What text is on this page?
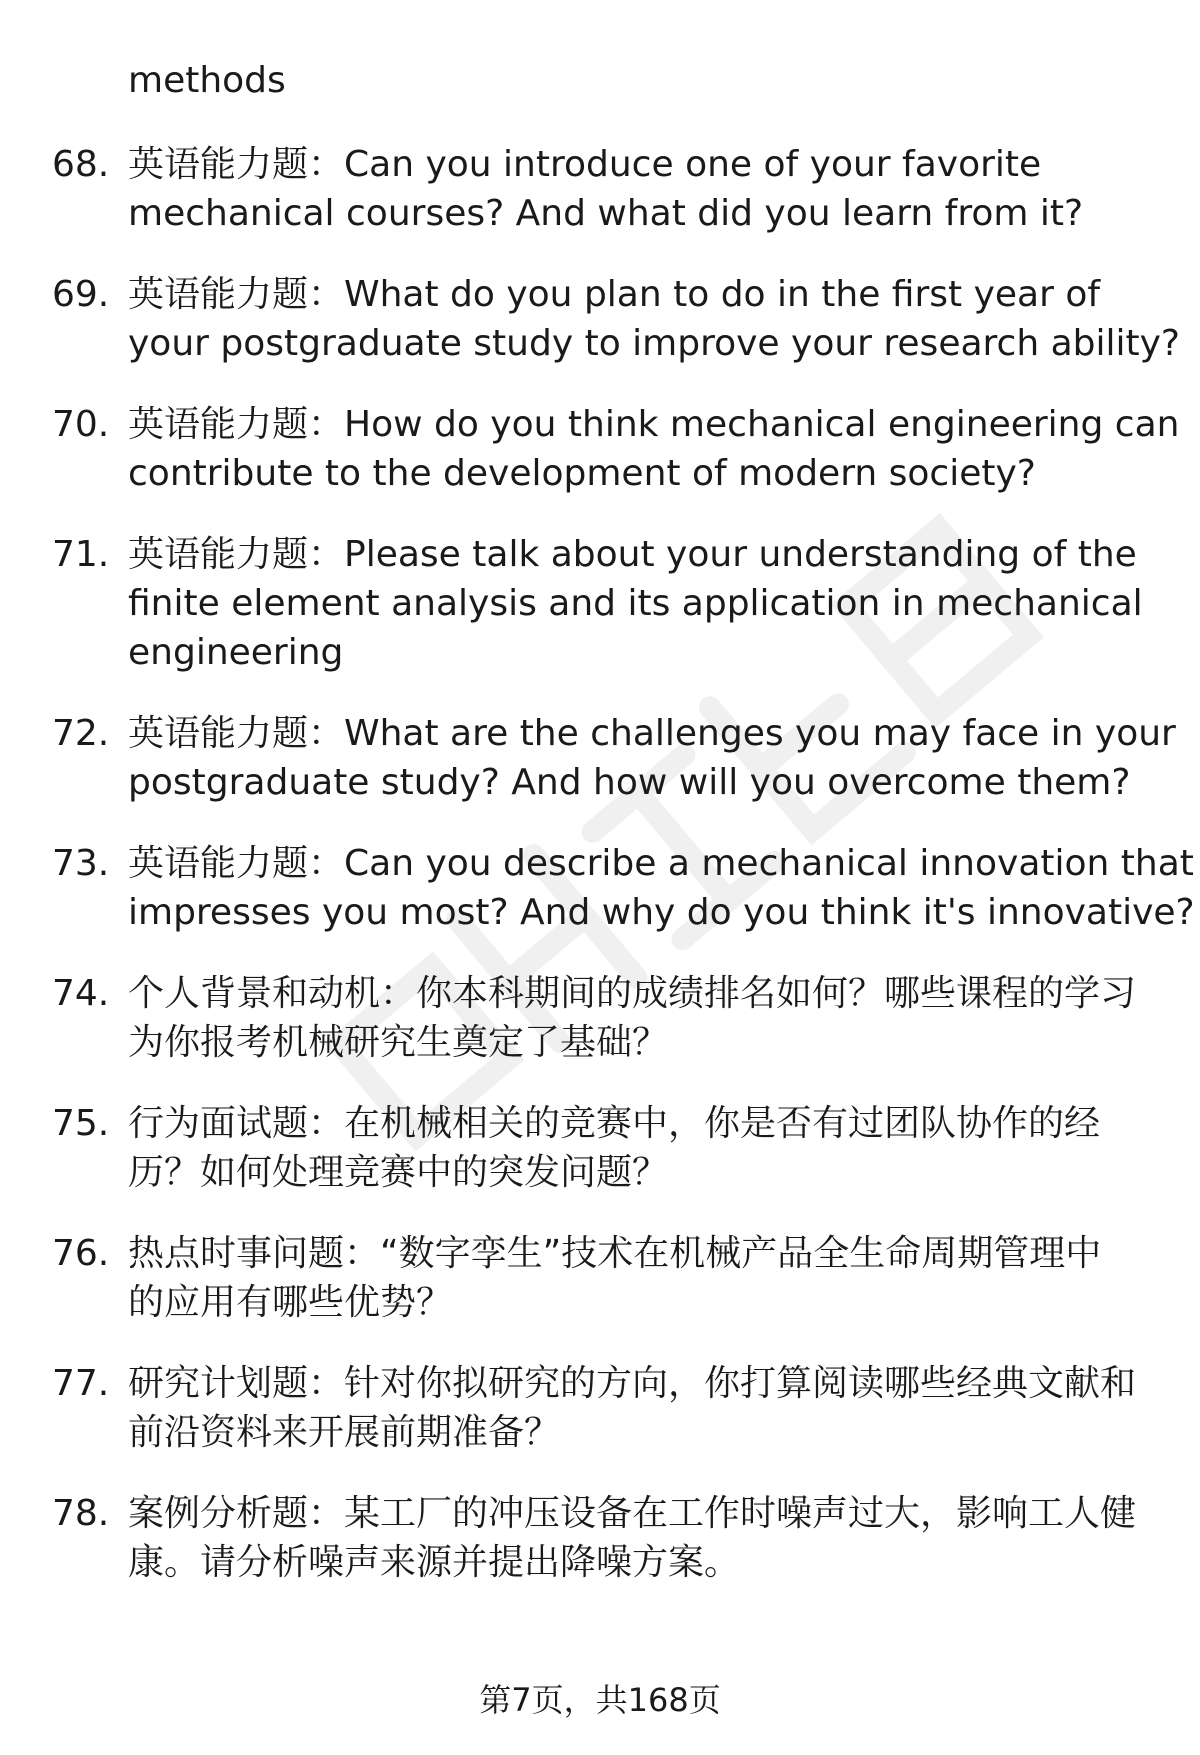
methods
68. 英语能力题：Can you introduce one of your favorite
mechanical courses? And what did you learn from it?
69. 英语能力题：What do you plan to do in the first year of
your postgraduate study to improve your research ability?
70. 英语能力题：How do you think mechanical engineering can
contribute to the development of modern society?
71. 英语能力题：Please talk about your understanding of the
finite element analysis and its application in mechanical
engineering
72. 英语能力题：What are the challenges you may face in your
postgraduate study? And how will you overcome them?
73. 英语能力题：Can you describe a mechanical innovation that
impresses you most? And why do you think it's innovative?
74. 个人背景和动机：你本科期间的成绩排名如何？哪些课程的学习
为你报考机械研究生奠定了基础？
75. 行为面试题：在机械相关的竞赛中，你是否有过团队协作的经
历？如何处理竞赛中的突发问题？
76. 热点时事问题：“数字孪生”技术在机械产品全生命周期管理中
的应用有哪些优势？
77. 研究计划题：针对你拟研究的方向，你打算阅读哪些经典文献和
前沿资料来开展前期准备？
78. 案例分析题：某工厂的冲压设备在工作时噪声过大，影响工人健
康。请分析噪声来源并提出降噪方案。
第7页，共168页
